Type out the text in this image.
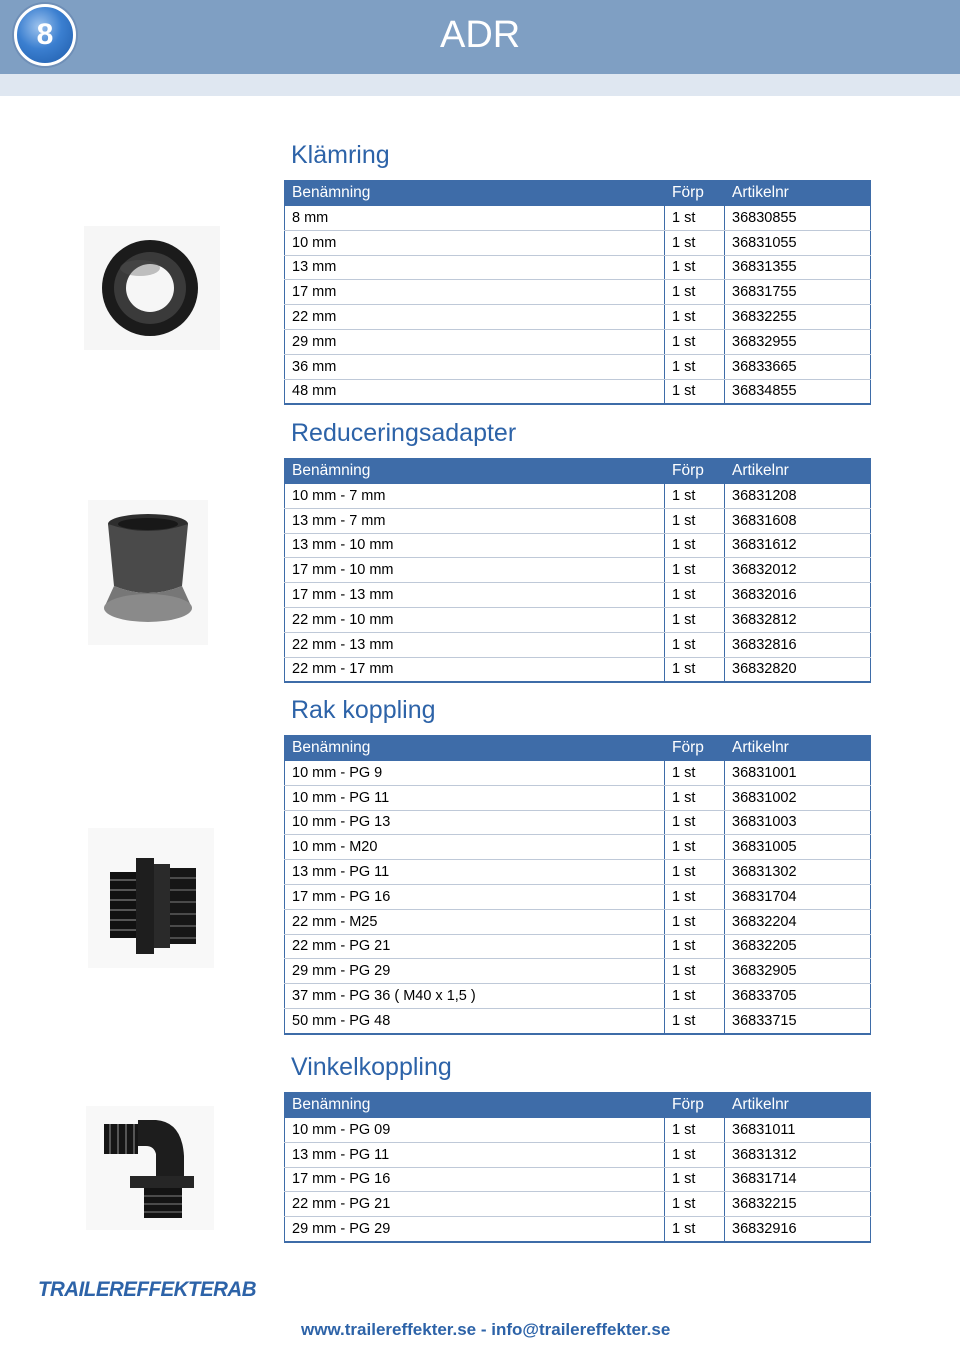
8	ADR
Klämring
Benämning	Förp	Artikelnr
8 mm	1 st	36830855
10 mm	1 st	36831055
13 mm	1 st	36831355
17 mm	1 st	36831755
22 mm	1 st	36832255
29 mm	1 st	36832955
36 mm	1 st	36833665
48 mm	1 st	36834855
Reduceringsadapter
Benämning	Förp	Artikelnr
10 mm - 7 mm	1 st	36831208
13 mm - 7 mm	1 st	36831608
13 mm - 10 mm	1 st	36831612
17 mm - 10 mm	1 st	36832012
17 mm - 13 mm	1 st	36832016
22 mm - 10 mm	1 st	36832812
22 mm - 13 mm	1 st	36832816
22 mm - 17 mm	1 st	36832820
Rak koppling
Benämning	Förp	Artikelnr
10 mm - PG 9	1 st	36831001
10 mm - PG 11	1 st	36831002
10 mm - PG 13	1 st	36831003
10 mm - M20	1 st	36831005
13 mm - PG 11	1 st	36831302
17 mm - PG 16	1 st	36831704
22 mm - M25	1 st	36832204
22 mm - PG 21	1 st	36832205
29 mm - PG 29	1 st	36832905
37 mm - PG 36 ( M40 x 1,5 )	1 st	36833705
50 mm - PG 48	1 st	36833715
Vinkelkoppling
Benämning	Förp	Artikelnr
10 mm - PG 09	1 st	36831011
13 mm - PG 11	1 st	36831312
17 mm - PG 16	1 st	36831714
22 mm - PG 21	1 st	36832215
29 mm - PG 29	1 st	36832916
TRAILEREFFEKTERAB
www.trailereffekter.se - info@trailereffekter.se
